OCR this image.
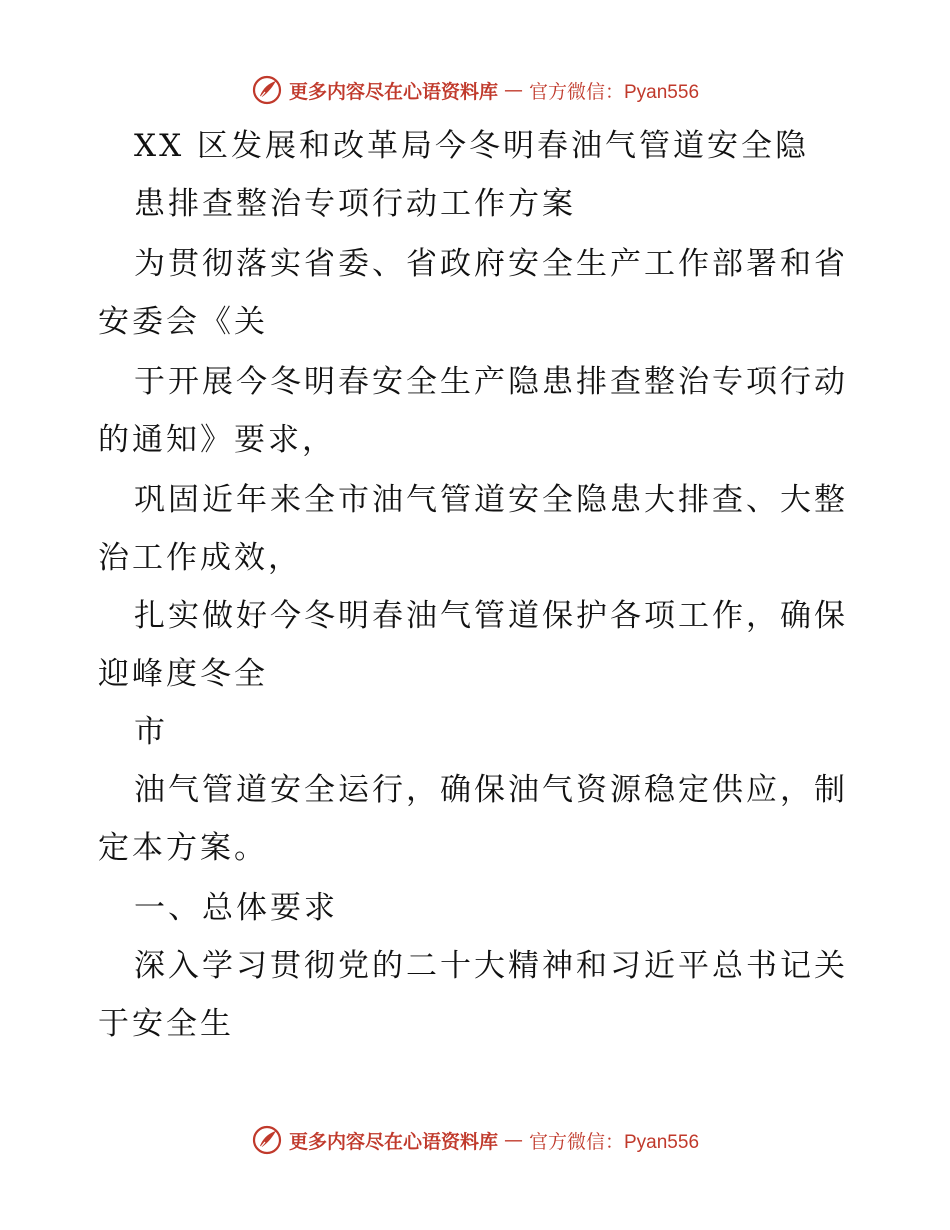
更多内容尽在心语资料库 — 官方微信：Pyan556
XX 区发展和改革局今冬明春油气管道安全隐
患排查整治专项行动工作方案
为贯彻落实省委、省政府安全生产工作部署和省
安委会《关
于开展今冬明春安全生产隐患排查整治专项行动
的通知》要求，
巩固近年来全市油气管道安全隐患大排查、大整
治工作成效，
扎实做好今冬明春油气管道保护各项工作，确保
迎峰度冬全
市
油气管道安全运行，确保油气资源稳定供应，制
定本方案。
一、总体要求
深入学习贯彻党的二十大精神和习近平总书记关
于安全生
更多内容尽在心语资料库 — 官方微信：Pyan556
